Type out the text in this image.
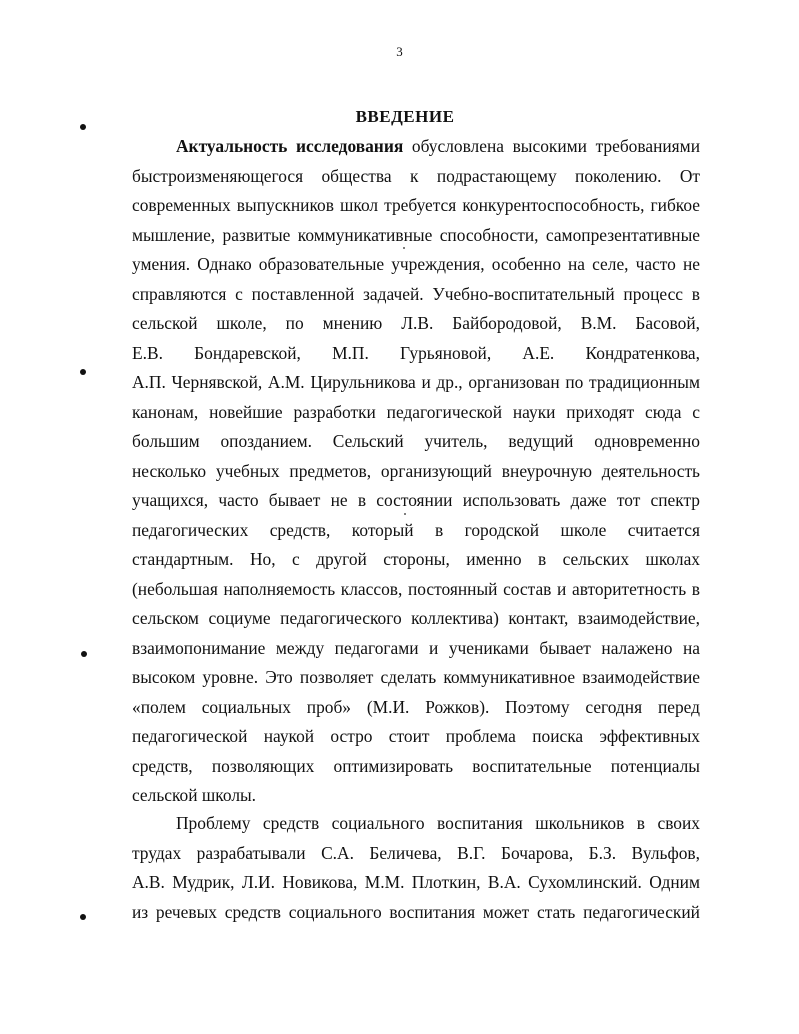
3
ВВЕДЕНИЕ
Актуальность исследования обусловлена высокими требованиями
быстроизменяющегося общества к подрастающему поколению. От
современных выпускников школ требуется конкурентоспособность, гибкое
мышление, развитые коммуникативные способности, самопрезентативные
умения. Однако образовательные учреждения, особенно на селе, часто не
справляются с поставленной задачей. Учебно-воспитательный процесс в
сельской школе, по мнению Л.В. Байбородовой, В.М. Басовой,
Е.В. Бондаревской, М.П. Гурьяновой, А.Е. Кондратенкова,
А.П. Чернявской, А.М. Цирульникова и др., организован по традиционным
канонам, новейшие разработки педагогической науки приходят сюда с
большим опозданием. Сельский учитель, ведущий одновременно
несколько учебных предметов, организующий внеурочную деятельность
учащихся, часто бывает не в состоянии использовать даже тот спектр
педагогических средств, который в городской школе считается
стандартным. Но, с другой стороны, именно в сельских школах
(небольшая наполняемость классов, постоянный состав и авторитетность в
сельском социуме педагогического коллектива) контакт, взаимодействие,
взаимопонимание между педагогами и учениками бывает налажено на
высоком уровне. Это позволяет сделать коммуникативное взаимодействие
«полем социальных проб» (М.И. Рожков). Поэтому сегодня перед
педагогической наукой остро стоит проблема поиска эффективных
средств, позволяющих оптимизировать воспитательные потенциалы
сельской школы.
Проблему средств социального воспитания школьников в своих
трудах разрабатывали С.А. Беличева, В.Г. Бочарова, Б.З. Вульфов,
А.В. Мудрик, Л.И. Новикова, М.М. Плоткин, В.А. Сухомлинский. Одним
из речевых средств социального воспитания может стать педагогический
